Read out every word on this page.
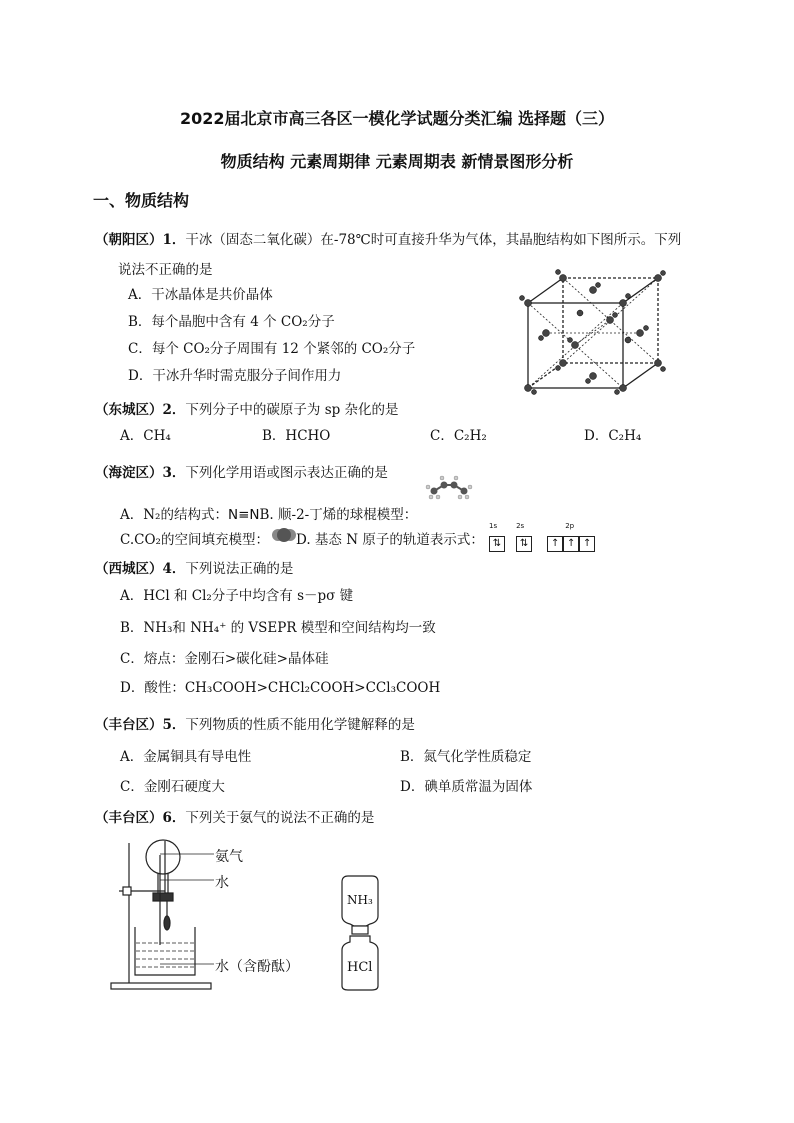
2022届北京市高三各区一模化学试题分类汇编 选择题（三）
物质结构 元素周期律 元素周期表 新情景图形分析
一、物质结构
（朝阳区）1．干冰（固态二氧化碳）在-78℃时可直接升华为气体，其晶胞结构如下图所示。下列
说法不正确的是
A．干冰晶体是共价晶体
B．每个晶胞中含有 4 个 CO₂分子
C．每个 CO₂分子周围有 12 个紧邻的 CO₂分子
D．干冰升华时需克服分子间作用力
（东城区）2．下列分子中的碳原子为 sp 杂化的是
A．CH₄	B．HCHO	C．C₂H₂	D．C₂H₄
（海淀区）3．下列化学用语或图示表达正确的是
A．N₂的结构式：N≡NB. 顺-2-丁烯的球棍模型：
C.CO₂的空间填充模型： D. 基态 N 原子的轨道表示式：
1s
⇅
2s
⇅
2p
↑ ↑ ↑
（西城区）4．下列说法正确的是
A．HCl 和 Cl₂分子中均含有 s－pσ 键
B．NH₃和 NH₄⁺ 的 VSEPR 模型和空间结构均一致
C．熔点：金刚石>碳化硅>晶体硅
D．酸性：CH₃COOH>CHCl₂COOH>CCl₃COOH
（丰台区）5．下列物质的性质不能用化学键解释的是
A．金属铜具有导电性	B．氮气化学性质稳定
C．金刚石硬度大	D．碘单质常温为固体
（丰台区）6．下列关于氨气的说法不正确的是
氨气
水
水（含酚酞）
NH₃
HCl
